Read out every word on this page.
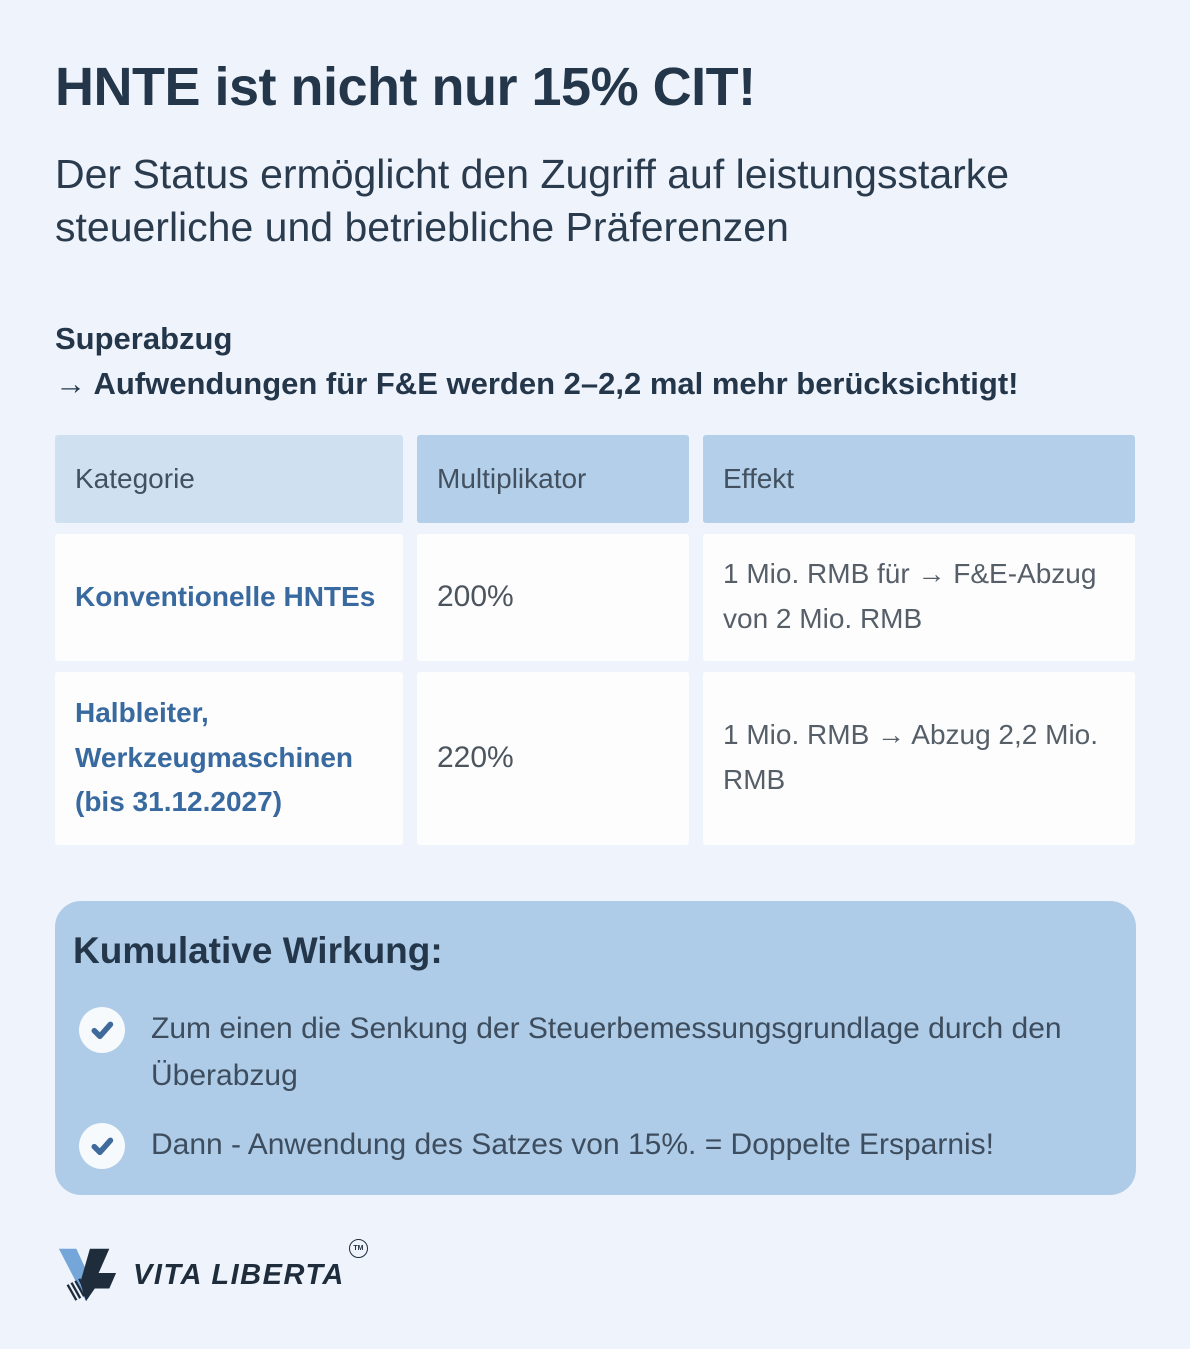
HNTE ist nicht nur 15% CIT!

Der Status ermöglicht den Zugriff auf leistungsstarke steuerliche und betriebliche Präferenzen

Superabzug
→ Aufwendungen für F&E werden 2–2,2 mal mehr berücksichtigt!
Kategorie	Multiplikator	Effekt
Konventionelle HNTEs 200%
1 Mio. RMB für → F&E-Abzug von 2 Mio. RMB
Halbleiter, Werkzeugmaschinen (bis 31.12.2027)
220%
1 Mio. RMB → Abzug 2,2 Mio. RMB
Kumulative Wirkung:
Zum einen die Senkung der Steuerbemessungsgrundlage durch den Überabzug
Dann - Anwendung des Satzes von 15%. = Doppelte Ersparnis!
VITA LIBERTA
TM
